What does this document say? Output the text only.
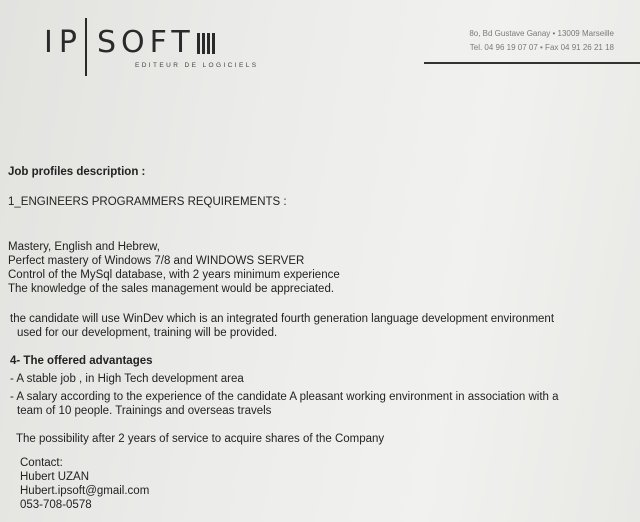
IP SOFT
EDITEUR DE LOGICIELS
8o, Bd Gustave Ganay • 13009 Marseille
Tel. 04 96 19 07 07 • Fax 04 91 26 21 18
Job profiles description :
1_ENGINEERS PROGRAMMERS REQUIREMENTS :
Mastery, English and Hebrew,
Perfect mastery of Windows 7/8 and WINDOWS SERVER
Control of the MySql database, with 2 years minimum experience
The knowledge of the sales management would be appreciated.
the candidate will use WinDev which is an integrated fourth generation language development environment
used for our development, training will be provided.
4- The offered advantages
- A stable job , in High Tech development area
- A salary according to the experience of the candidate A pleasant working environment in association with a
team of 10 people. Trainings and overseas travels
The possibility after 2 years of service to acquire shares of the Company
Contact:
Hubert UZAN
Hubert.ipsoft@gmail.com
053-708-0578
